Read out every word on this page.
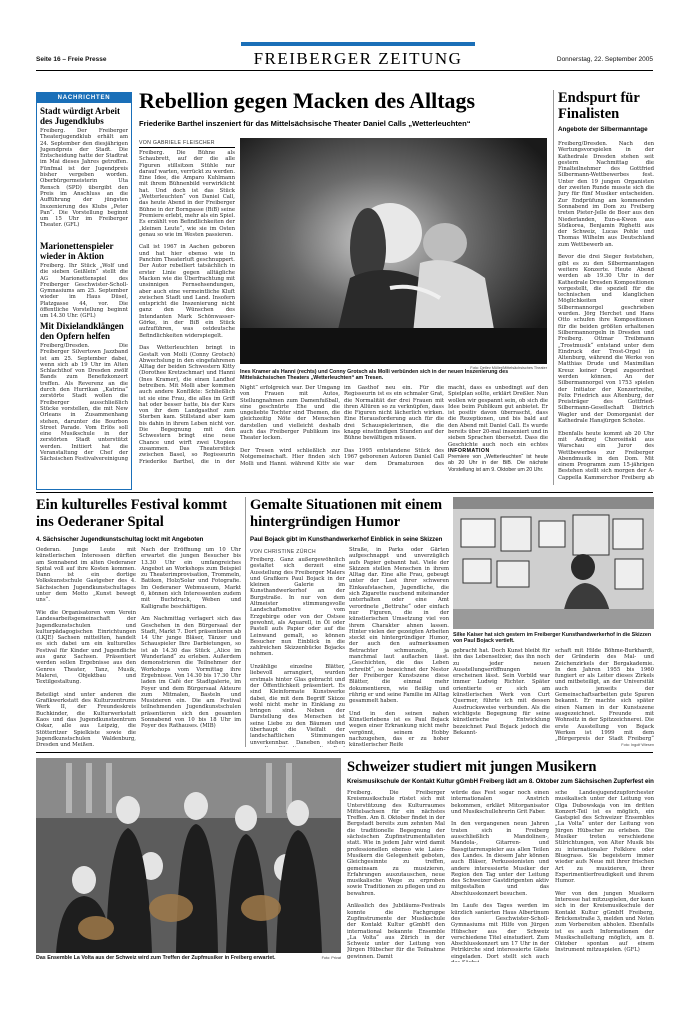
Seite 16 – Freie Presse	FREIBERGER ZEITUNG	Donnerstag, 22. September 2005
NACHRICHTEN
Stadt würdigt Arbeit des Jugendklubs
Freiberg. Der Freiberger Theaterjugendklub erhält am 24. September den diesjährigen Jugendpreis der Stadt. Die Entscheidung hatte der Stadtrat im Mai dieses Jahres getroffen. Fünfmal ist der Jugendpreis bisher vergeben worden. Oberbürgermeisterin Uta Rensch (SPD) übergibt den Preis im Anschluss an die Aufführung der jüngsten Inszenierung des Klubs „Peter Pan“. Die Vorstellung beginnt um 15 Uhr im Freiberger Theater. (GFL)
Marionettenspieler wieder in Aktion
Freiberg. Ihr Stück „Wolf und die sieben Geißlein“ stellt die AG Marionettenspiel des Freiberger Geschwister-Scholl-Gymnasiums am 25. September wieder im Haus Düsel, Platzgasse 44, vor. Die öffentliche Vorstellung beginnt um 14.30 Uhr. (GFL)
Mit Dixielandklängen den Opfern helfen
Freiberg/Dresden. Die Freiberger Silvertown Jazzband ist am 25. September dabei, wenn sich ab 19 Uhr im Alten Schlachthof von Dresden zwölf Bands zum Benefizkonzert treffen. Als Reverenz an die durch den Hurrikan „Katrina“ zerstörte Stadt wollen die Freiberger ausschließlich Stücke vorstellen, die mit New Orleans in Zusammenhang stehen, darunter die Bourbon Street Parade. Vom Erlös soll eine Musikschule in der zerstörten Stadt unterstützt werden. Initiiert hat die Veranstaltung der Chef der Sächsischen Festivalvereinigung
Rebellion gegen Macken des Alltags
Friederike Barthel inszeniert für das Mittelsächsische Theater Daniel Calls „Wetterleuchten“
VON GABRIELE FLEISCHER
Freiberg. Die Bühne als Schaubrett, auf der die alle Figuren stillsitzen Stühle nur darauf warten, verrückt zu werden. Eine Idee, die Amparo Kuhlmann mit ihrem Bühnenbild verwirklicht hat. Und doch ist das Stück „Wetterleuchten“ von Daniel Call, das heute Abend in der Freiberger Bühne in der Borngasse (BiB) seine Premiere erlebt, mehr als ein Spiel. Es erzählt von Befindlichkeiten der „kleinen Leute“, wie sie im Osten genau so wie im Westen passieren.

Call ist 1967 in Aachen geboren und hat hier ebenso wie in Panchim Theaterluft geschnuppert. Der Autor rebelliert tatsächlich in erster Linie gegen alltägliche Macken wie die Überfrachtung mit unsinnigen Fernsehsendungen, aber auch eine vermeintliche Kluft zwischen Stadt und Land. Insofern entspricht die Inszenierung nicht ganz den Wünschen des Intendanten Mark Schönwasser-Görke, in der BiB ein Stück aufzuführen, was ostdeutsche Befindlichkeiten widerspiegelt.

Das Wetterleuchten bringt in Gestalt von Molli (Conny Grotsch) Abwechslung in den eingefahrenen Alltag der beiden Schwestern Kitty (Dorothee Kretzschmar) und Hanni (Ines Kramer), die einen Landhof betreiben. Mit Molli aber kommen auch andere Konflikte: Schließlich ist sie eine Frau, die alles im Griff hat oder besser hatte, bis der Kurs von ihr dem Landgasthof zum Sterben kam. Stillstand aber kam bis dahin in ihrem Leben nicht vor. Die Begegnung mit den Schwestern bringt eine neue Chance und wirft zwei Utopien zusammen. Das Theaterstück zwischen Basel, so Regisseurin Friederike Barthel, die in der
Foto: Detlev Müller/Mittelsächsisches Theater
Ines Kramer als Hanni (rechts) und Conny Grotsch als Molli verbünden sich in der neuen Inszenierung des Mittelsächsischen Theaters „Wetterleuchten“ am Tresen.
Night“ erfolgreich war. Der Umgang von Frauen mit Autos, Stellungnahmen zum Damenfußball, eine geschnürte Ehe und die ungeliebte Tochter sind Themen, die gleichzeitig Nöte der Menschen darstellen und vielleicht deshalb auch das Freiberger Publikum ins Theater locken.

Der Tresen wird schließlich zur Notgemeinschaft. Hier finden sich Molli und Hanni, während Kitty sie
im Gasthof neu ein. Für die Regisseurin ist es ein schmaler Grat, die Normalität der drei Frauen mit ihren Allüren so zu verknüpfen, dass die Figuren nicht lächerlich wirken. Eine Herausforderung auch für die drei Schauspielerinnen, die die knapp einstündigen Stunden auf der Bühne bewältigen müssen.

Das 1995 entstandene Stück des 1967 geborenen Autoren Daniel Call war dem Dramaturgen des
macht, dass es unbedingt auf den Spielplan sollte, erklärt Dreßler. Nun wollen wir gespannt sein, ob sich die Idee beim Publikum gut anbietet. Er ist positiv davon überrascht, dass die Rezeptionen, und bis bald auf den Abend mit Daniel Call. Es wurde bereits über 20-mal inszeniert und in sieben Sprachen übersetzt. Dass die Geschichte auch noch ein echtes
INFORMATION
Premiere von „Wetterleuchten“ ist heute ab 20 Uhr in der BiB. Die nächste Vorstellung ist am 9. Oktober um 20 Uhr.
Endspurt für Finalisten
Angebote der Silbermanntage
Freiberg/Dresden. Nach den Wertungsvorspielen in der Kathedrale Dresden stehen seit gestern Nachmittag die Finalteilnehmer des Gottfried Silbermann-Wettbewerbes fest. Unter den 19 jungen Organisten der zweiten Runde musste sich die Jury für fünf Musiker entscheiden. Zur Endprüfung am kommenden Sonnabend im Dom zu Freiberg treten Pieter-Jelle de Boer aus den Niederlanden, Eun-a-Kwon aus Südkorea, Benjamin Righetti aus der Schweiz, Lucas Pohle und Thomas Wilhelm aus Deutschland zum Wettbewerb an.

Bevor die drei Sieger feststehen, gibt es zu den Silbermanntagen weitere Konzerte. Heute Abend werden ab 19.30 Uhr in der Kathedrale Dresden Kompositionen vorgestellt, die speziell für die technischen und klanglichen Möglichkeiten einer Silbermannorgel geschrieben wurden. Jörg Herchet und Hans Otto schufen ihre Kompositionen für die beiden größten erhaltenen Silbermannorgeln in Dresden und Freiberg. Ottmar Treibmann „Trostmusik“ entstand unter dem Eindruck der Trost-Orgel in Altenburg, während die Werke von Matthias Drude und Maximilian Kreuz keiner Orgel zugeordnet werden können. An der Silbermannorgel von 1753 spielen der Initiator der Konzertreihe, Felix Friedrich aus Altenburg, der Preisträger des Gottfried-Silbermann-Gesellschaft Dietrich Wagler und der Domorganist der Kathedrale Hansjürgen Scholze.

Ebenfalls heute kommt ab 20 Uhr mit Andrzej Chorosiński aus Warschau ein Juror des Wettbewerbes zur Freiberger Abendmusik in den Dom. Mit einem Programm zum 15-jährigen Bestehen stellt sich morgen der A-Cappella Kammerchor Freiberg ab
Ein kulturelles Festival kommt ins Oederaner Spital
4. Sächsischer Jugendkunstschultag lockt mit Angeboten
Oederan. Junge Leute mit künstlerischen Interessen dürften am Sonnabend im alten Oederaner Spital voll auf ihre Kosten kommen. Dann ist ein dortige Volkskunstschule Gastgeber des 4. Sächsischen Jugendkunstschultages unter dem Motto „Kunst bewegt uns“.

Wie die Organisatoren vom Verein Landesarbeitsgemeinschaft der Jugendkunstschulen und kulturpädagogischen Einrichtungen (LKJE) Sachsen mitteilten, handelt es sich dabei um ein kulturelles Festival für Kinder und Jugendliche aus ganz Sachsen. Präsentiert werden sollen Ergebnisse aus den Genres Theater, Tanz, Musik, Malerei, Objektbau und Textilgestaltung.

Beteiligt sind unter anderen die Grafikwerkstatt des Kulturzentrums Werk II, der Freundeskreis Buchkinder, die Kulturwerkstatt Kaos und das Jugendkunstzentrum Oskar, alle aus Leipzig, die Stötteritzer Spielkiste sowie die Jugendkunstschulen Waldenburg, Dresden und Meißen.
Nach der Eröffnung um 10 Uhr erwartet die jungen Besucher bis 13.30 Uhr ein umfangreiches Angebot an Workshops zum Beispiel zu Theaterimprovisation, Trommeln, Batiken, Holz/Solar und Fotografie. Im Oederaner Webmuseum, Markt 6, können sich Interessenten zudem mit Buchdruck, Weben und Kalligrafie beschäftigen.

Am Nachmittag verlagert sich das Geschehen in den Bürgersaal der Stadt, Markt 7. Dort präsentieren ab 14 Uhr junge Bläser, Tänzer und Schauspieler Ihre Darbietungen, so ist ab 14.30 das Stück „Alice im Wunderland“ zu erleben. Außerdem demonstrieren die Teilnehmer der Workshops vom Vormittag ihre Ergebnisse. Von 14.30 bis 17.30 Uhr laden im Café der Stadtgalerie, im Foyer und dem Bürgersaal Akteure zum Mitmalen, Basteln und Musizieren ein. Die am Festival teilnehmenden Jugendkunstschulen präsentieren sich den gesamten Sonnabend von 10 bis 18 Uhr im Foyer des Rathauses. (MIB)
Gemalte Situationen mit einem hintergründigen Humor
Paul Bojack gibt im Kunsthandwerkerhof Einblick in seine Skizzen
VON CHRISTINE ZÜRCH
Freiberg. Ganz außergewöhnlich gestaltet sich derzeit eine Ausstellung des Freiberger Malers und Grafikers Paul Bojack in der kleinen Galerie im Kunsthandwerkerhof an der Burgstraße. In nur von dem Altmeister stimmungsvolle Landschaftsmotive vom Erzgebirge oder von der Ostsee gewohnt, als Aquarell, in Öl oder Pastell aufs Papier oder auf die Leinwand gemalt, so können Besucher nun Einblick in die zahlreichen Skizzenbücke Bojacks nehmen.

Unzählige einzelne Blätter, liebevoll arrangiert, wurden erstmals hinter Glas gebracht und der Öffentlichkeit präsentiert. Es sind Kleinformate Kunstwerke dabei, die mit dem Begriff Skizze wohl nicht mehr in Einklang zu bringen sind. Neben der Darstellung des Menschen ist seine Liebe zu den Bäumen und überhaupt die Vielfalt der landschaftlichen Stimmungen unverkennbar. Daneben stehen
Straße, in Parks oder Gärten aufgeschnappt und unverzüglich aufs Papier gebannt hat. Viele der Skizzen stellen Menschen in ihrem Alltag dar. Eine alte Frau, gebeugt unter der Last ihrer schweren Einkaufstaschen, Jugendliche, die sich Zigarette rauchend miteinander unterhalten oder eine Amt verordnete „Bettruhe“ oder einfach nur Figuren, die in der künstlerischen Umsetzung viel von ihrem Charakter ahnen lassen. Hinter vielen der gezeigten Arbeiten steckt ein hintergründiger Humor, der auch den aufmerksamen Betrachter schmunzeln, ja manchmal laut auflachen lässt. „Geschichten, die das Leben schreibt“, so bezeichnet der Nestor der Freiberger Kunstszene diese Blätter, die einmal mehr dokumentieren, wie fleißig und rührig er und seine Familie im Alltag gesammelt haben.

Und in den seinen nahen Künstlerlebens ist es Paul Bojack wegen einer Erkrankung nicht mehr vergönnt, seinem Hobby nachzugehen, das er zu hoher künstlerischer Reife
Silke Kaiser hat sich gestern im Freiberger Kunsthandwerkerhof in die Skizzen von Paul Bojack vertieft.
gebracht hat. Doch Kunst bleibt für ihn das Lebenselixier, das ihn noch zu jeder neuen Ausstellungseröffnungen erscheinen lässt. Sein Vorbild war immer Ludwig Richter. Später orientierte er sich am künstlerischen Werk von Curt Quermer, führte ich mit dessen Ausdrucksweise verbunden. Als die wichtigste Begegnung für seine künstlerische Entwicklung bezeichnet Paul Bojack jedoch die Bekannt-
schaft mit Hilde Böhme-Burkhardt, der Gründerin des Mal- und Zeichenzirkels der Bergakademie. In den Jahren 1955 bis 1960 fungiert er als Leiter dieses Zirkels und mitbeteiligt, an der Universität auch jenseits der Gemeinschaftsarbeiten gute Spuren bekannt. Er machte sich später einen Namen in der Kunstszene ausgezeichnet. Freunde mit Wohnsitz in der Spitzzeichnerei. Die erste Ausstellung von Bojack Werken ist 1999 mit dem „Bürgerpreis der Stadt Freiberg“
Foto: Ingolf Wiesen
Das Ensemble La Volta aus der Schweiz wird zum Treffen der Zupfmusiker in Freiberg erwartet.	Foto: Privat
Schweizer studiert mit jungen Musikern
Kreismusikschule der Kontakt Kultur gGmbH Freiberg lädt am 8. Oktober zum Sächsischen Zupferfest ein
Freiberg. Die Freiberger Kreismusikschule rüstet sich mit Unterstützung des Kulturraumes Mittelsachsen für ein nächstes Treffen. Am 8. Oktober findet in der Bergstadt bereits zum zehnten Mal die traditionelle Begegnung der sächsischen Zupfinstrumentalisten statt. Wie in jedem Jahr wird damit professionellen ebenso wie Laien-Musikern die Gelegenheit geboten, Gleichgesinnte zu treffen, gemeinsam zu musizieren, Erfahrungen auszutauschen, neue musikalische Wege zu erproben sowie Traditionen zu pflegen und zu bewahren.

Anlässlich des Jubiläums-Festivals konnte die Fachgruppe Zupfinstrumente der Musikschule der Kontakt Kultur gGmbH den international bekannte Ensemble „La Volta“ aus Zürich in der Schweiz unter der Leitung von Jürgen Hübscher für die Teilnahme gewinnen. Damit
würde das Fest sogar noch einen internationalen Anstrich bekommen, erklärt Mitorganisator und Musikschullehrerin Grit Faber.

In den vergangenen neun Jahren traten sich in Freiberg ausschließlich Mandolinen-, Mandola-, Gitarren- und Bassgitarrenspieler aus allen Teilen des Landes. In diesem Jahr können auch Bläser, Perkussionisten und andere interessierte Musiker der Region den Tag unter der Leitung des Schweizer Gastdirigenten aktiv mitgestalten und das Abschlusskonzert besuchen.

Im Laufe des Tages werden im kürzlich sanierten Haus Albertinum des Geschwister-Scholl-Gymnasiums mit Hilfe von Jürgen Hübscher aus der Schweiz verschiedene Titel einstudiert. Zum Abschlusskonzert um 17 Uhr in der Petrikirche sind interessierte Gäste eingeladen. Dort stellt sich auch
sche Landesjugendzupforchester musikalisch unter der Leitung von Olga Dubowskaja von im dritten Konzert-Teil ist es möglich, ein Gastspiel des Schweizer Ensembles „La Volta“ unter der Leitung von Jürgen Hübscher zu erleben. Die Musiker treten verschiedene Stilrichtungen, von Alter Musik bis zu internationaler Folklore oder Bluegrass. Sie begeistern immer wieder aufs Neue mit ihrer frischen Art zu musizieren, ihrer Experimentierfreudigkeit und ihrem Humor.

Wer von den jungen Musikern Interesse hat mitzuspielen, der kann sich in der Kreismusikschule der Kontakt Kultur gGmbH Freiberg, Brückenstraße 3, melden und Noten zum Vorbereiten abholen. Ebenfalls ist es auch Informationen der Musikschulleitung möglich, am 8. Oktober spontan auf einem Instrument mitzuspielen. (GFL)
